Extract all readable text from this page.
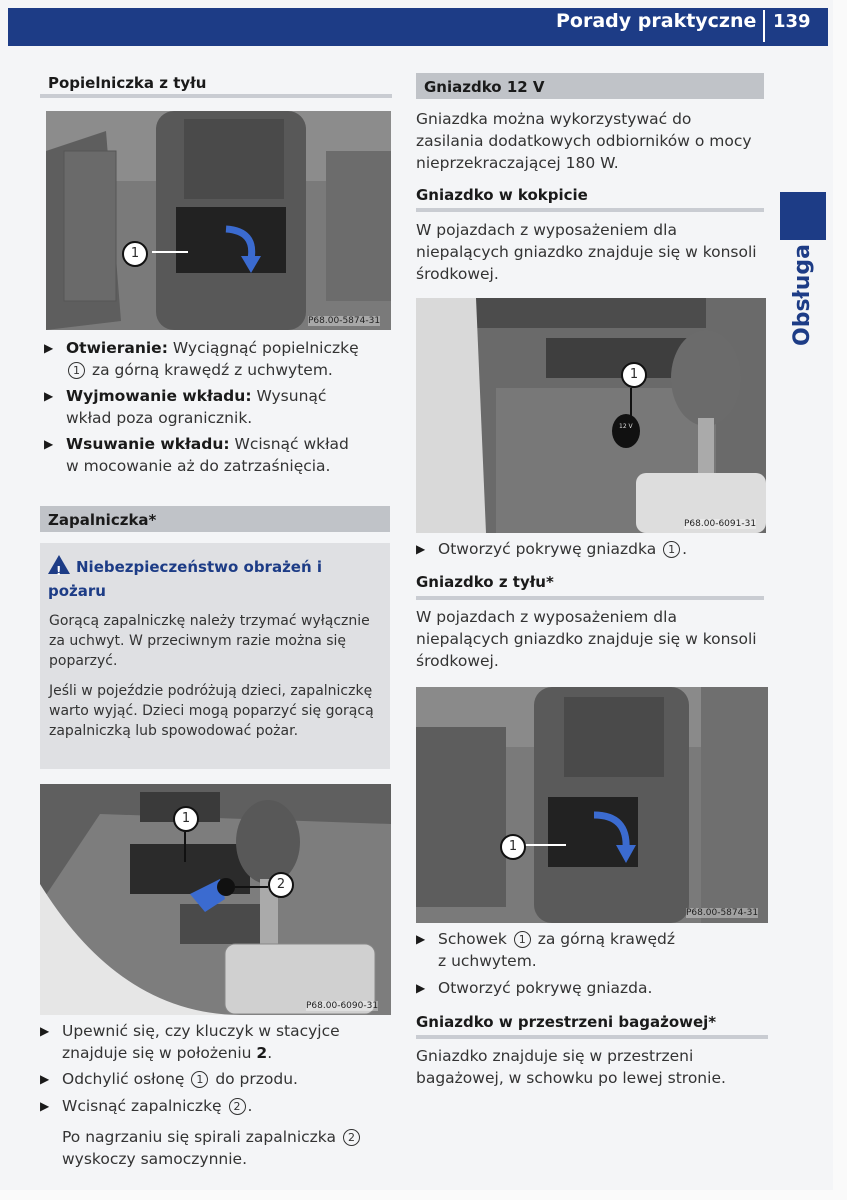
Porady praktyczne 139
Obsługa
Popielniczka z tyłu
1
P68.00-5874-31
▶ Otwieranie: Wyciągnąć popielniczkę
1 za górną krawędź z uchwytem.
▶ Wyjmowanie wkładu: Wysunąć
wkład poza ogranicznik.
▶ Wsuwanie wkładu: Wcisnąć wkład
w mocowanie aż do zatrzaśnięcia.
Zapalniczka*
! Niebezpieczeństwo obrażeń i pożaru
Gorącą zapalniczkę należy trzymać wyłącznie za uchwyt. W przeciwnym razie można się poparzyć.
Jeśli w pojeździe podróżują dzieci, zapalniczkę warto wyjąć. Dzieci mogą poparzyć się gorącą zapalniczką lub spowodować pożar.
1
2
P68.00-6090-31
▶ Upewnić się, czy kluczyk w stacyjce
znajduje się w położeniu 2.
▶ Odchylić osłonę 1 do przodu.
▶ Wcisnąć zapalniczkę 2 .
Po nagrzaniu się spirali zapalniczka 2
wyskoczy samoczynnie.
Gniazdko 12 V
Gniazdka można wykorzystywać do zasilania dodatkowych odbiorników o mocy nieprzekraczającej 180 W.
Gniazdko w kokpicie
W pojazdach z wyposażeniem dla niepalących gniazdko znajduje się w konsoli środkowej.
12 V
1
P68.00-6091-31
▶ Otworzyć pokrywę gniazdka 1 .
Gniazdko z tyłu*
W pojazdach z wyposażeniem dla niepalących gniazdko znajduje się w konsoli środkowej.
1
P68.00-5874-31
▶ Schowek 1 za górną krawędź
z uchwytem.
▶ Otworzyć pokrywę gniazda.
Gniazdko w przestrzeni bagażowej*
Gniazdko znajduje się w przestrzeni bagażowej, w schowku po lewej stronie.
